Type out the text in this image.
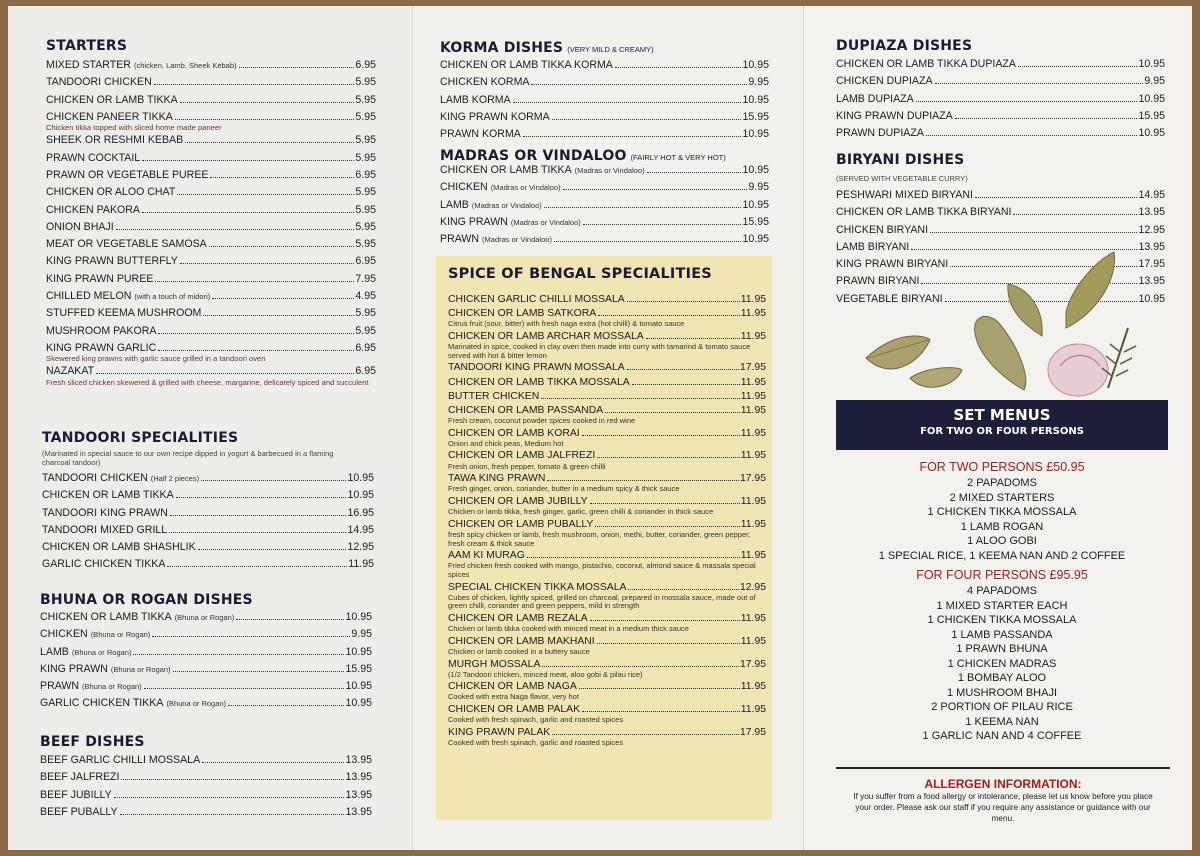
STARTERS
MIXED STARTER (chicken, Lamb, Sheek Kebab)	6.95
TANDOORI CHICKEN	5.95
CHICKEN OR LAMB TIKKA	5.95
CHICKEN PANEER TIKKA	5.95
Chicken tikka topped with sliced home made paneer
SHEEK OR RESHMI KEBAB	5.95
PRAWN COCKTAIL	5.95
PRAWN OR VEGETABLE PUREE	6.95
CHICKEN OR ALOO CHAT	5.95
CHICKEN PAKORA	5.95
ONION BHAJI	5.95
MEAT OR VEGETABLE SAMOSA	5.95
KING PRAWN BUTTERFLY	6.95
KING PRAWN PUREE	7.95
CHILLED MELON (with a touch of midori)	4.95
STUFFED KEEMA MUSHROOM	5.95
MUSHROOM PAKORA	5.95
KING PRAWN GARLIC	6.95
Skewered king prawns with garlic sauce grilled in a tandoori oven
NAZAKAT	6.95
Fresh sliced chicken skewered & grilled with cheese, margarine, delicately spiced and succulent
TANDOORI SPECIALITIES
(Marinated in special sauce to our own recipe dipped in yogurt & barbecued in a flaming charcoal tandoor)
TANDOORI CHICKEN (Half 2 pieces)	10.95
CHICKEN OR LAMB TIKKA	10.95
TANDOORI KING PRAWN	16.95
TANDOORI MIXED GRILL	14.95
CHICKEN OR LAMB SHASHLIK	12.95
GARLIC CHICKEN TIKKA	11.95
BHUNA OR ROGAN DISHES
CHICKEN OR LAMB TIKKA (Bhuna or Rogan)	10.95
CHICKEN (Bhuna or Rogan)	9.95
LAMB (Bhuna or Rogan)	10.95
KING PRAWN (Bhuna or Rogan)	15.95
PRAWN (Bhuna or Rogan)	10.95
GARLIC CHICKEN TIKKA (Bhuna or Rogan)	10.95
BEEF DISHES
BEEF GARLIC CHILLI MOSSALA	13.95
BEEF JALFREZI	13.95
BEEF JUBILLY	13.95
BEEF PUBALLY	13.95
KORMA DISHES (VERY MILD & CREAMY)
CHICKEN OR LAMB TIKKA KORMA	10.95
CHICKEN KORMA	9.95
LAMB KORMA	10.95
KING PRAWN KORMA	15.95
PRAWN KORMA	10.95
MADRAS OR VINDALOO (FAIRLY HOT & VERY HOT)
CHICKEN OR LAMB TIKKA (Madras or Vindaloo)	10.95
CHICKEN (Madras or Vindaloo)	9.95
LAMB (Madras or Vindaloo)	10.95
KING PRAWN (Madras or Vindaloo)	15.95
PRAWN (Madras or Vindaloo)	10.95
SPICE OF BENGAL SPECIALITIES
CHICKEN GARLIC CHILLI MOSSALA	11.95
CHICKEN OR LAMB SATKORA	11.95
Citrus fruit (sour, bitter) with fresh naga extra (hot chilli) & tomato sauce
CHICKEN OR LAMB ARCHAR MOSSALA	11.95
Marinated in spice, cooked in clay oven then made into curry with tamarind & tomato sauce served with hot & bitter lemon
TANDOORI KING PRAWN MOSSALA	17.95
CHICKEN OR LAMB TIKKA MOSSALA	11.95
BUTTER CHICKEN	11.95
CHICKEN OR LAMB PASSANDA	11.95
Fresh cream, coconut powder spices cooked in red wine
CHICKEN OR LAMB KORAI	11.95
Onion and chick peas, Medium hot
CHICKEN OR LAMB JALFREZI	11.95
Fresh onion, fresh pepper, tomato & green chilli
TAWA KING PRAWN	17.95
Fresh ginger, onion, coriander, butter in a medium spicy & thick sauce
CHICKEN OR LAMB JUBILLY	11.95
Chicken or lamb tikka, fresh ginger, garlic, green chilli & coriander in thick sauce
CHICKEN OR LAMB PUBALLY	11.95
fresh spicy chicken or lamb, fresh mushroom, onion, methi, butter, coriander, green pepper, fresh cream & thick sauce
AAM KI MURAG	11.95
Fried chicken fresh cooked with mango, pistachio, coconut, almond sauce & massala special spices
SPECIAL CHICKEN TIKKA MOSSALA	12.95
Cubes of chicken, lightly spiced, grilled on charcoal, prepared in mossala sauce, made out of green chilli, coriander and green peppers, mild in strength
CHICKEN OR LAMB REZALA	11.95
Chicken or lamb tikka cooked with minced meat in a medium thick sauce
CHICKEN OR LAMB MAKHANI	11.95
Chicken or lamb cooked in a buttery sauce
MURGH MOSSALA	17.95
(1/2 Tandoori chicken, minced meat, aloo gobi & pilau rice)
CHICKEN OR LAMB NAGA	11.95
Cooked with extra Naga flavor, very hot
CHICKEN OR LAMB PALAK	11.95
Cooked with fresh spinach, garlic and roasted spices
KING PRAWN PALAK	17.95
Cooked with fresh spinach, garlic and roasted spices
DUPIAZA DISHES
CHICKEN OR LAMB TIKKA DUPIAZA	10.95
CHICKEN DUPIAZA	9.95
LAMB DUPIAZA	10.95
KING PRAWN DUPIAZA	15.95
PRAWN DUPIAZA	10.95
BIRYANI DISHES
(SERVED WITH VEGETABLE CURRY)
PESHWARI MIXED BIRYANI	14.95
CHICKEN OR LAMB TIKKA BIRYANI	13.95
CHICKEN BIRYANI	12.95
LAMB BIRYANI	13.95
KING PRAWN BIRYANI	17.95
PRAWN BIRYANI	13.95
VEGETABLE BIRYANI	10.95
SET MENUS
FOR TWO OR FOUR PERSONS
FOR TWO PERSONS £50.95
2 PAPADOMS
2 MIXED STARTERS
1 CHICKEN TIKKA MOSSALA
1 LAMB ROGAN
1 ALOO GOBI
1 SPECIAL RICE, 1 KEEMA NAN AND 2 COFFEE
FOR FOUR PERSONS £95.95
4 PAPADOMS
1 MIXED STARTER EACH
1 CHICKEN TIKKA MOSSALA
1 LAMB PASSANDA
1 PRAWN BHUNA
1 CHICKEN MADRAS
1 BOMBAY ALOO
1 MUSHROOM BHAJI
2 PORTION OF PILAU RICE
1 KEEMA NAN
1 GARLIC NAN AND 4 COFFEE
ALLERGEN INFORMATION:
If you suffer from a food allergy or intolerance, please let us know before you place your order. Please ask our staff if you require any assistance or guidance with our menu.
